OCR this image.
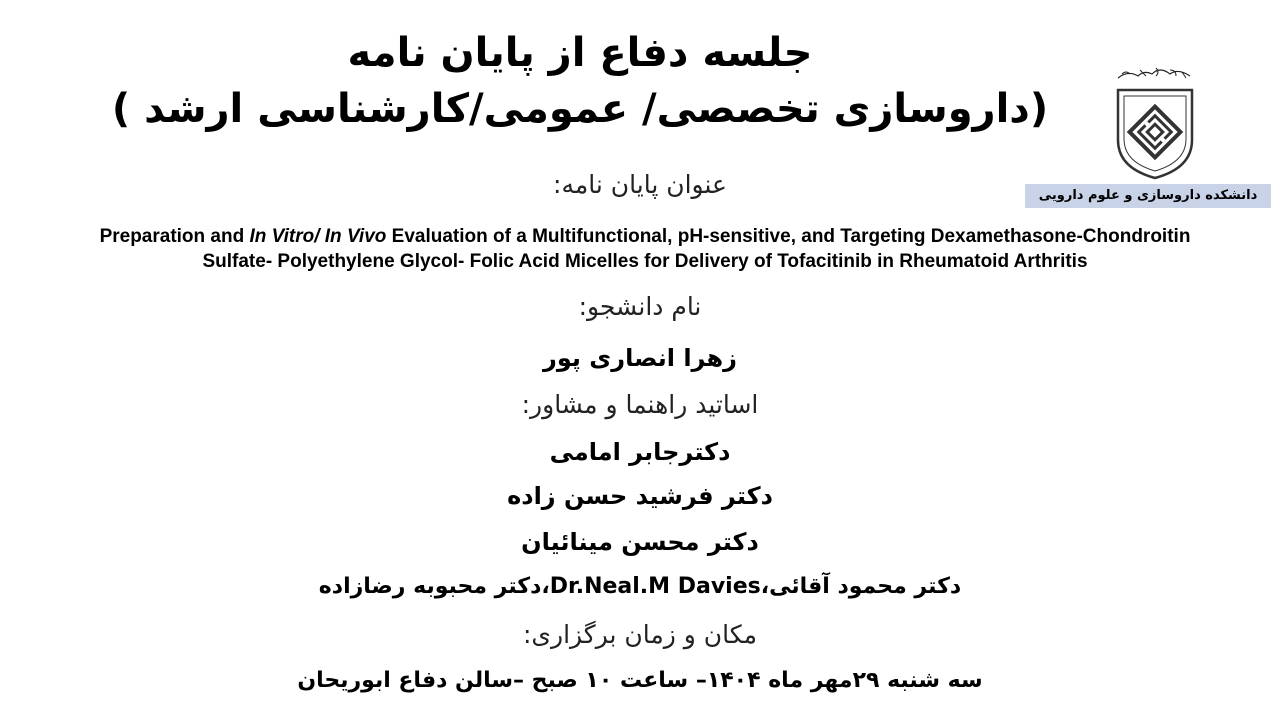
جلسه دفاع از پایان نامه
(داروسازی تخصصی/ عمومی/کارشناسی ارشد )
دانشکده داروسازی و علوم دارویی
عنوان پایان نامه:
Preparation and In Vitro/ In Vivo Evaluation of a Multifunctional, pH-sensitive, and Targeting Dexamethasone-Chondroitin
Sulfate- Polyethylene Glycol- Folic Acid Micelles for Delivery of Tofacitinib in Rheumatoid Arthritis
نام دانشجو:
زهرا انصاری پور
اساتید راهنما و مشاور:
دکترجابر امامی
دکتر فرشید حسن زاده
دکتر محسن مینائیان
دکتر محمود آقائی،Dr.Neal.M Davies،دکتر محبوبه رضازاده
مکان و زمان برگزاری:
سه شنبه ۲۹مهر ماه ۱۴۰۴– ساعت ۱۰ صبح –سالن دفاع ابوریحان
